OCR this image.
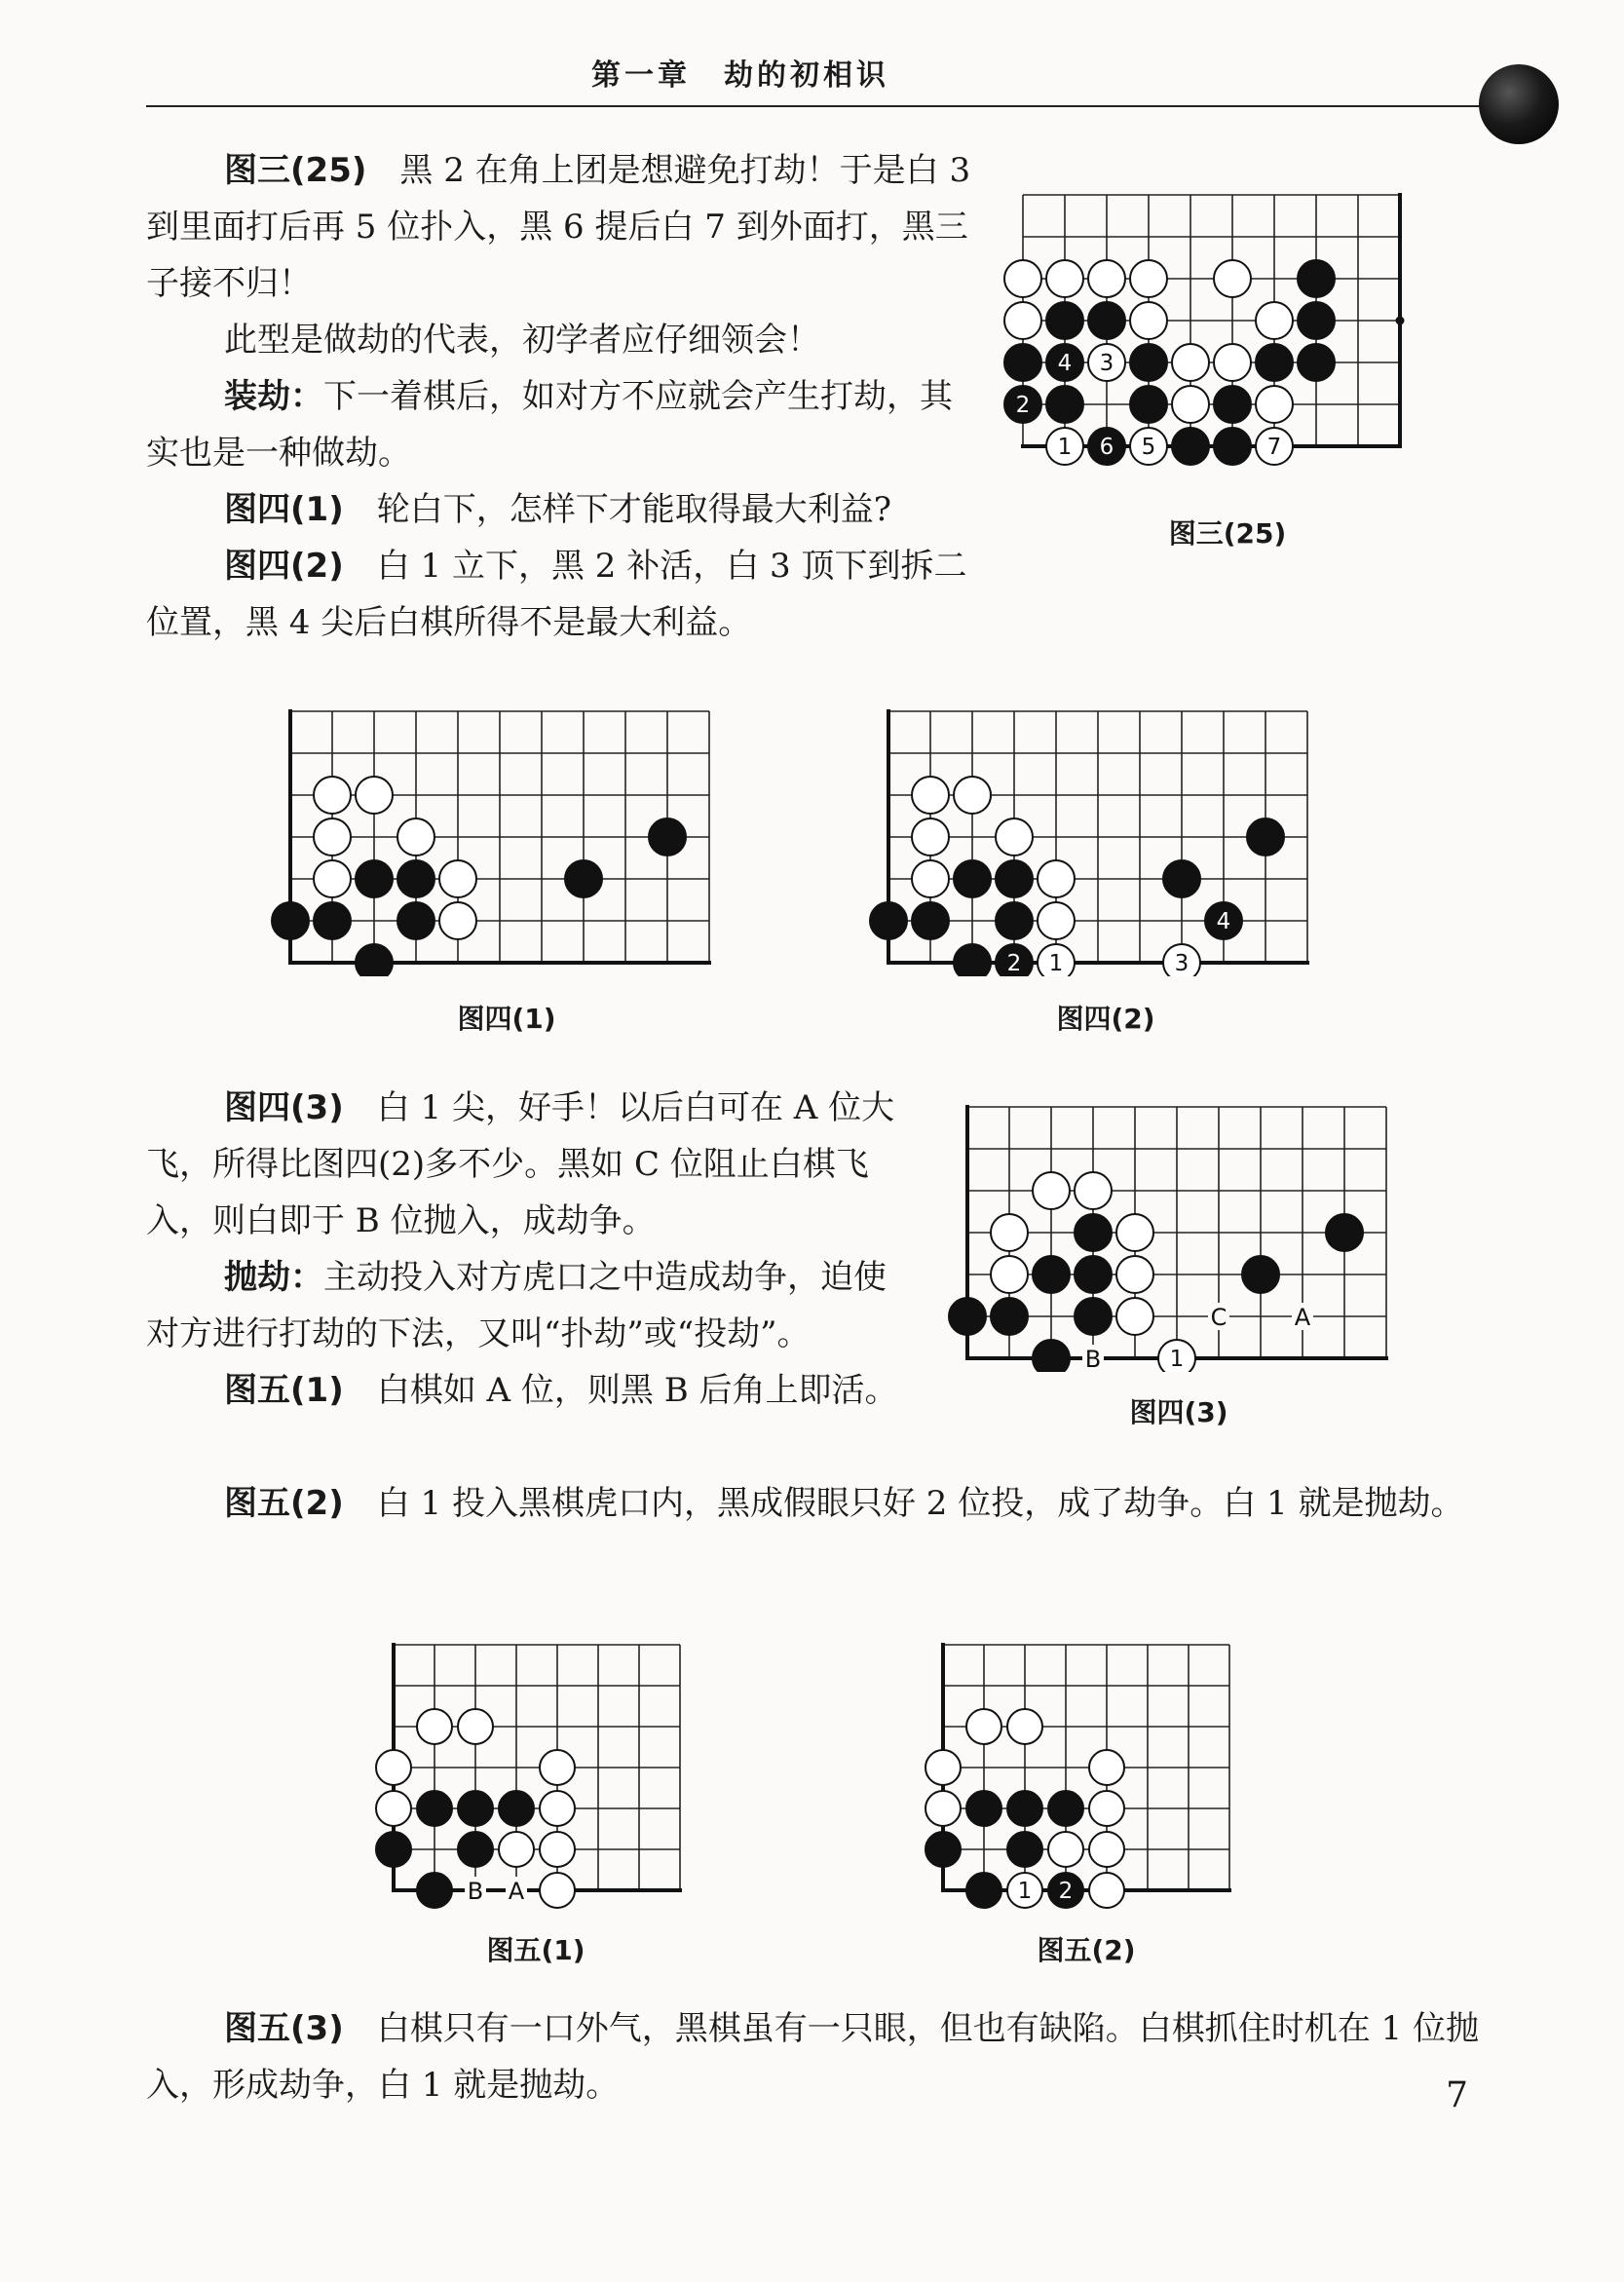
第一章　劫的初相识

图三(25)　 黑 2 在角上团是想避免打劫！于是白 3 到里面打后再 5 位扑入，黑 6 提后白 7 到外面打，黑三子接不归！

此型是做劫的代表，初学者应仔细领会！

装劫：下一着棋后，如对方不应就会产生打劫，其实也是一种做劫。

图四(1)　 轮白下，怎样下才能取得最大利益?

图四(2)　 白 1 立下，黑 2 补活，白 3 顶下到拆二位置，黑 4 尖后白棋所得不是最大利益。

图四(3)　 白 1 尖，好手！以后白可在 A 位大飞，所得比图四(2)多不少。黑如 C 位阻止白棋飞入，则白即于 B 位抛入，成劫争。

抛劫：主动投入对方虎口之中造成劫争，迫使对方进行打劫的下法，又叫“扑劫”或“投劫”。

图五(1)　 白棋如 A 位，则黑 B 后角上即活。

图五(2)　 白 1 投入黑棋虎口内，黑成假眼只好 2 位投，成了劫争。白 1 就是抛劫。

图五(3)　 白棋只有一口外气，黑棋虽有一只眼，但也有缺陷。白棋抓住时机在 1 位抛入，形成劫争，白 1 就是抛劫。

4 3
2
1 6 5	7
图三(25)
图四(1)
4
2 1	3
图四(2)
B
C	A
1
图四(3)
B A
图五(1)
1 2
图五(2)
7
